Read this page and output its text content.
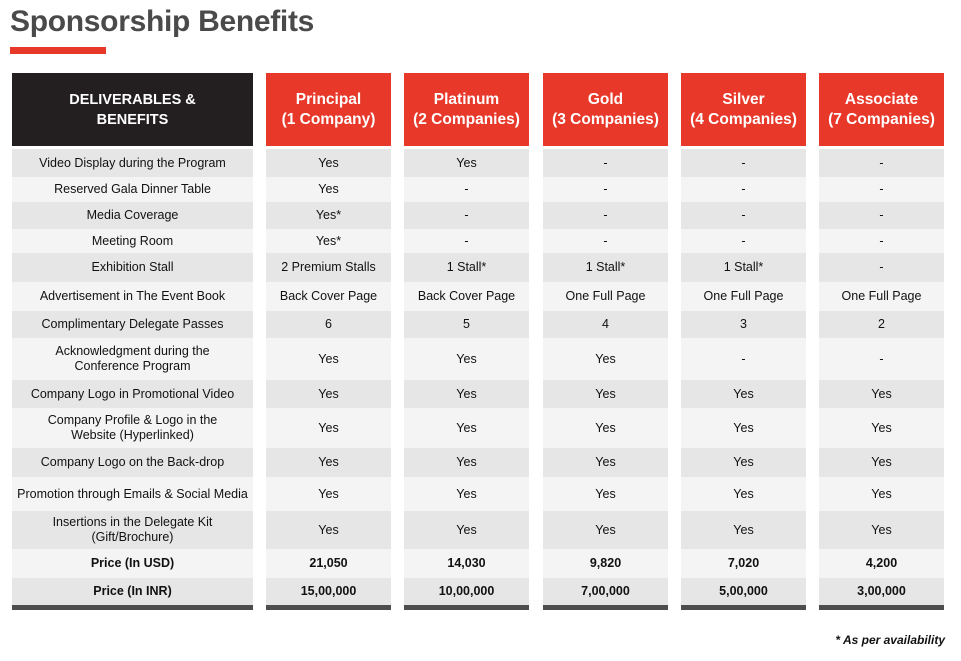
Sponsorship Benefits
DELIVERABLES &
BENEFITS
Video Display during the Program
Reserved Gala Dinner Table
Media Coverage
Meeting Room
Exhibition Stall
Advertisement in The Event Book
Complimentary Delegate Passes
Acknowledgment during the
Conference Program
Company Logo in Promotional Video
Company Profile & Logo in the
Website (Hyperlinked)
Company Logo on the Back-drop
Promotion through Emails & Social Media
Insertions in the Delegate Kit
(Gift/Brochure)
Price (In USD)
Price (In INR)
Principal
(1 Company)
Yes
Yes
Yes*
Yes*
2 Premium Stalls
Back Cover Page
6
Yes
Yes
Yes
Yes
Yes
Yes
21,050
15,00,000
Platinum
(2 Companies)
Yes
-
-
-
1 Stall*
Back Cover Page
5
Yes
Yes
Yes
Yes
Yes
Yes
14,030
10,00,000
Gold
(3 Companies)
-
-
-
-
1 Stall*
One Full Page
4
Yes
Yes
Yes
Yes
Yes
Yes
9,820
7,00,000
Silver
(4 Companies)
-
-
-
-
1 Stall*
One Full Page
3
-
Yes
Yes
Yes
Yes
Yes
7,020
5,00,000
Associate
(7 Companies)
-
-
-
-
-
One Full Page
2
-
Yes
Yes
Yes
Yes
Yes
4,200
3,00,000
* As per availability
